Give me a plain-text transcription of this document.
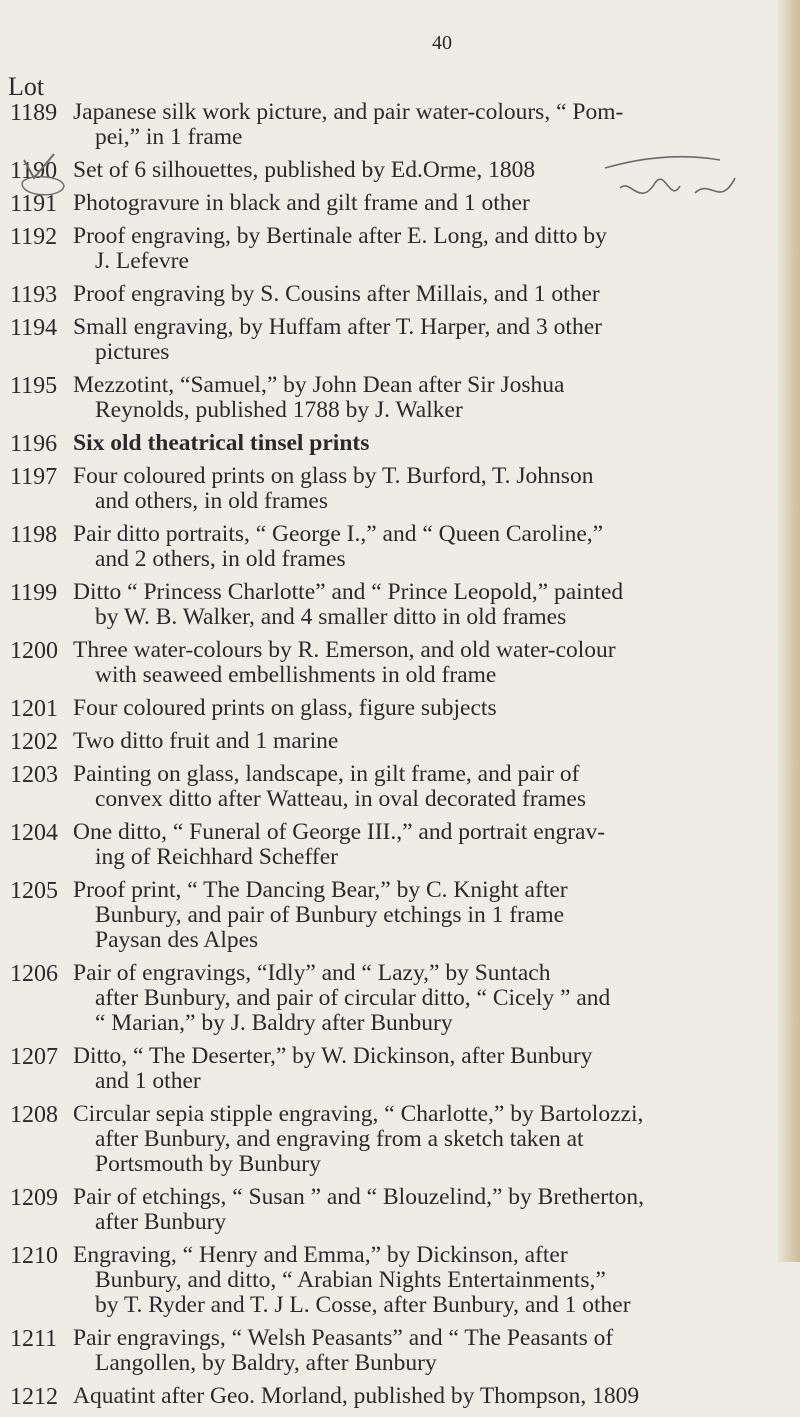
40
Lot
1189 Japanese silk work picture, and pair water-colours, “ Pom-
pei,” in 1 frame
1190 Set of 6 silhouettes, published by Ed.Orme, 1808
1191 Photogravure in black and gilt frame and 1 other
1192 Proof engraving, by Bertinale after E. Long, and ditto by
J. Lefevre
1193 Proof engraving by S. Cousins after Millais, and 1 other
1194 Small engraving, by Huffam after T. Harper, and 3 other
pictures
1195 Mezzotint, “Samuel,” by John Dean after Sir Joshua
Reynolds, published 1788 by J. Walker
1196 Six old theatrical tinsel prints
1197 Four coloured prints on glass by T. Burford, T. Johnson
and others, in old frames
1198 Pair ditto portraits, “ George I.,” and “ Queen Caroline,”
and 2 others, in old frames
1199 Ditto “ Princess Charlotte” and “ Prince Leopold,” painted
by W. B. Walker, and 4 smaller ditto in old frames
1200 Three water-colours by R. Emerson, and old water-colour
with seaweed embellishments in old frame
1201 Four coloured prints on glass, figure subjects
1202 Two ditto fruit and 1 marine
1203 Painting on glass, landscape, in gilt frame, and pair of
convex ditto after Watteau, in oval decorated frames
1204 One ditto, “ Funeral of George III.,” and portrait engrav-
ing of Reichhard Scheffer
1205 Proof print, “ The Dancing Bear,” by C. Knight after
Bunbury, and pair of Bunbury etchings in 1 frame
Paysan des Alpes
1206 Pair of engravings, “Idly” and “ Lazy,” by Suntach
after Bunbury, and pair of circular ditto, “ Cicely ” and
“ Marian,” by J. Baldry after Bunbury
1207 Ditto, “ The Deserter,” by W. Dickinson, after Bunbury
and 1 other
1208 Circular sepia stipple engraving, “ Charlotte,” by Bartolozzi,
after Bunbury, and engraving from a sketch taken at
Portsmouth by Bunbury
1209 Pair of etchings, “ Susan ” and “ Blouzelind,” by Bretherton,
after Bunbury
1210 Engraving, “ Henry and Emma,” by Dickinson, after
Bunbury, and ditto, “ Arabian Nights Entertainments,”
by T. Ryder and T. J L. Cosse, after Bunbury, and 1 other
1211 Pair engravings, “ Welsh Peasants” and “ The Peasants of
Langollen, by Baldry, after Bunbury
1212 Aquatint after Geo. Morland, published by Thompson, 1809
